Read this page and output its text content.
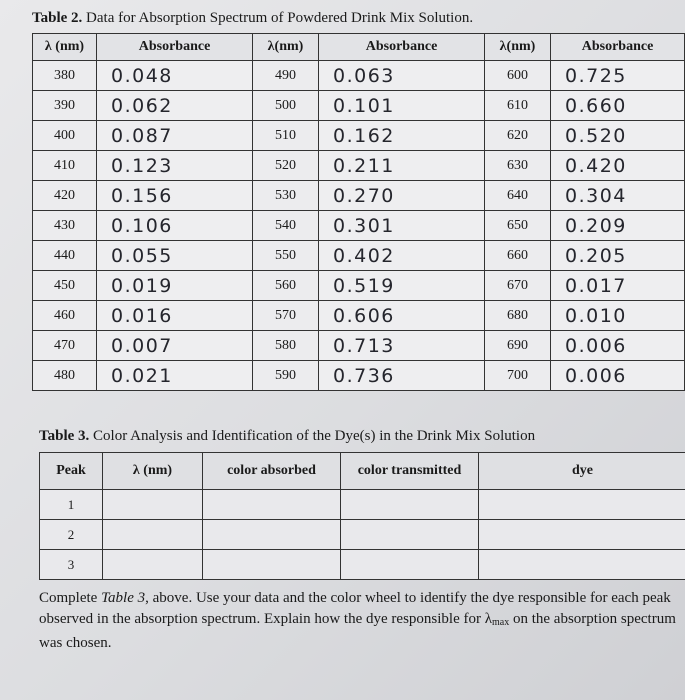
Table 2. Data for Absorption Spectrum of Powdered Drink Mix Solution.
λ (nm)	Absorbance	λ(nm)	Absorbance	λ(nm)	Absorbance
380	0.048	490	0.063	600	0.725
390	0.062	500	0.101	610	0.660
400	0.087	510	0.162	620	0.520
410	0.123	520	0.211	630	0.420
420	0.156	530	0.270	640	0.304
430	0.106	540	0.301	650	0.209
440	0.055	550	0.402	660	0.205
450	0.019	560	0.519	670	0.017
460	0.016	570	0.606	680	0.010
470	0.007	580	0.713	690	0.006
480	0.021	590	0.736	700	0.006
Table 3. Color Analysis and Identification of the Dye(s) in the Drink Mix Solution
Peak	λ (nm)	color absorbed	color transmitted	dye
1				
2				
3				
Complete Table 3, above. Use your data and the color wheel to identify the dye responsible for each peak observed in the absorption spectrum. Explain how the dye responsible for λmax on the absorption spectrum was chosen.
